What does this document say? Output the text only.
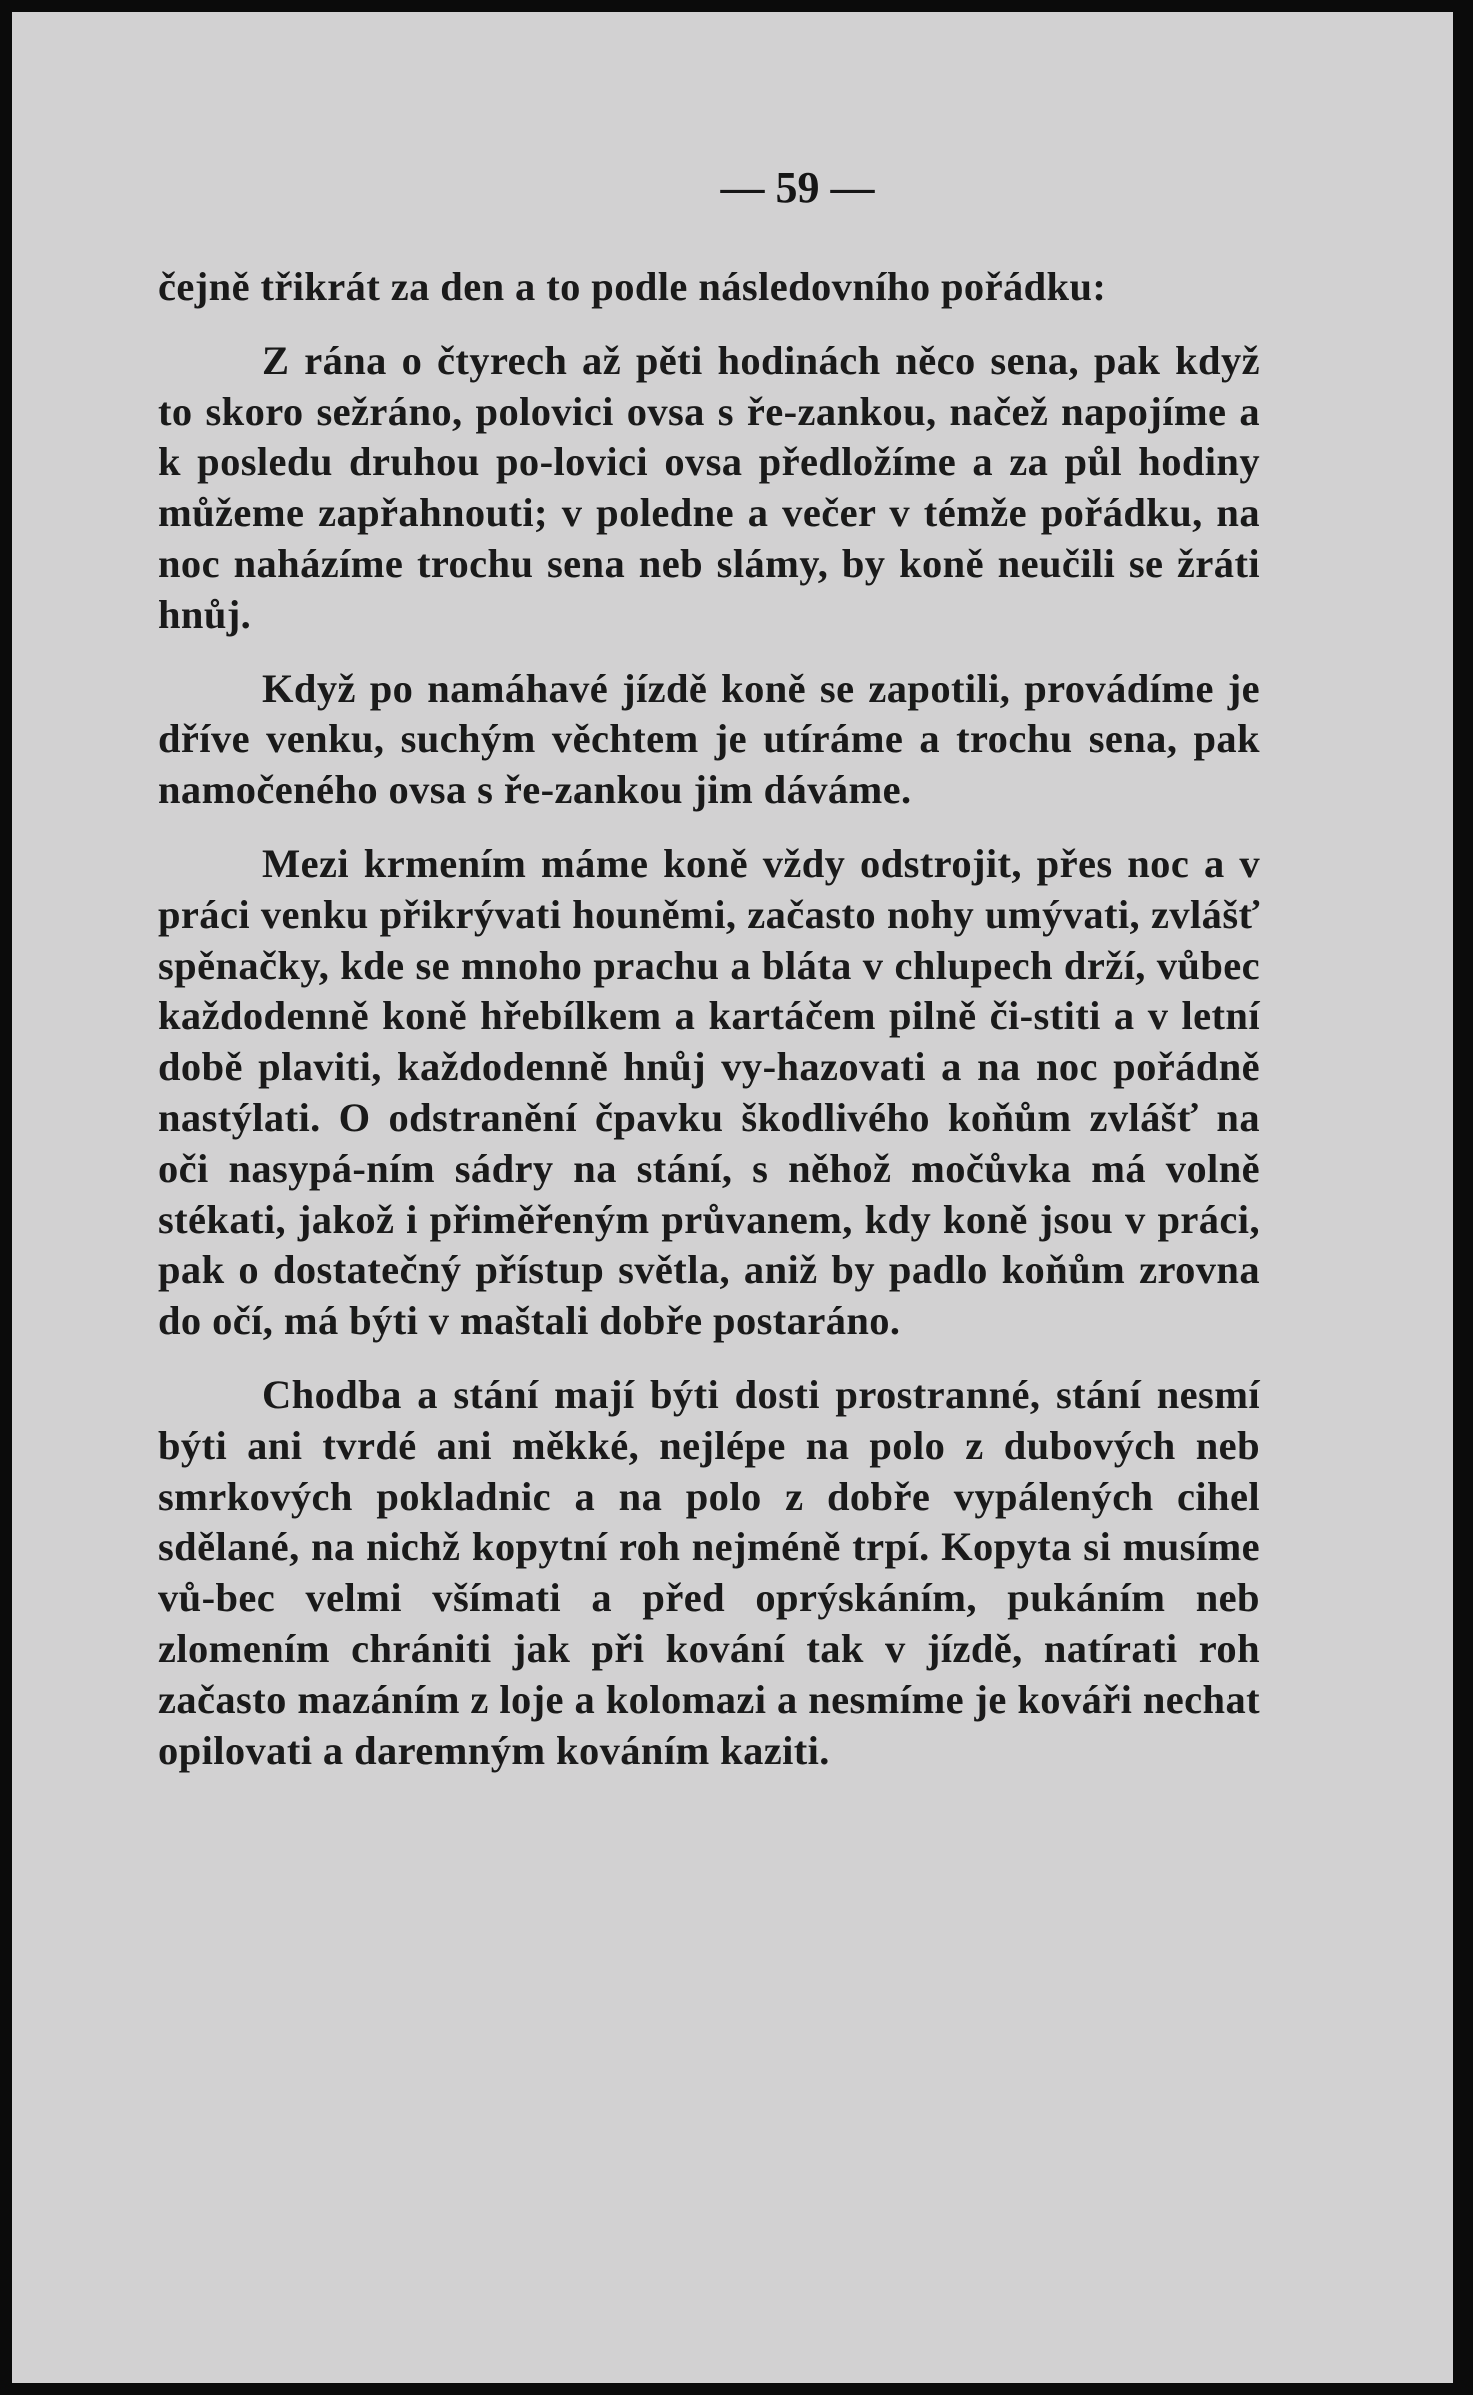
— 59 —

čejně třikrát za den a to podle následovního pořádku:

Z rána o čtyrech až pěti hodinách něco sena, pak když to skoro sežráno, polovici ovsa s ře-zankou, načež napojíme a k posledu druhou po-lovici ovsa předložíme a za půl hodiny můžeme zapřahnouti; v poledne a večer v témže pořádku, na noc naházíme trochu sena neb slámy, by koně neučili se žráti hnůj.

Když po namáhavé jízdě koně se zapotili, provádíme je dříve venku, suchým věchtem je utíráme a trochu sena, pak namočeného ovsa s ře-zankou jim dáváme.

Mezi krmením máme koně vždy odstrojit, přes noc a v práci venku přikrývati houněmi, začasto nohy umývati, zvlášť spěnačky, kde se mnoho prachu a bláta v chlupech drží, vůbec každodenně koně hřebílkem a kartáčem pilně či-stiti a v letní době plaviti, každodenně hnůj vy-hazovati a na noc pořádně nastýlati. O odstranění čpavku škodlivého koňům zvlášť na oči nasypá-ním sádry na stání, s něhož močůvka má volně stékati, jakož i přiměřeným průvanem, kdy koně jsou v práci, pak o dostatečný přístup světla, aniž by padlo koňům zrovna do očí, má býti v maštali dobře postaráno.

Chodba a stání mají býti dosti prostranné, stání nesmí býti ani tvrdé ani měkké, nejlépe na polo z dubových neb smrkových pokladnic a na polo z dobře vypálených cihel sdělané, na nichž kopytní roh nejméně trpí. Kopyta si musíme vů-bec velmi všímati a před oprýskáním, pukáním neb zlomením chrániti jak při kování tak v jízdě, natírati roh začasto mazáním z loje a kolomazi a nesmíme je kováři nechat opilovati a daremným kováním kaziti.
